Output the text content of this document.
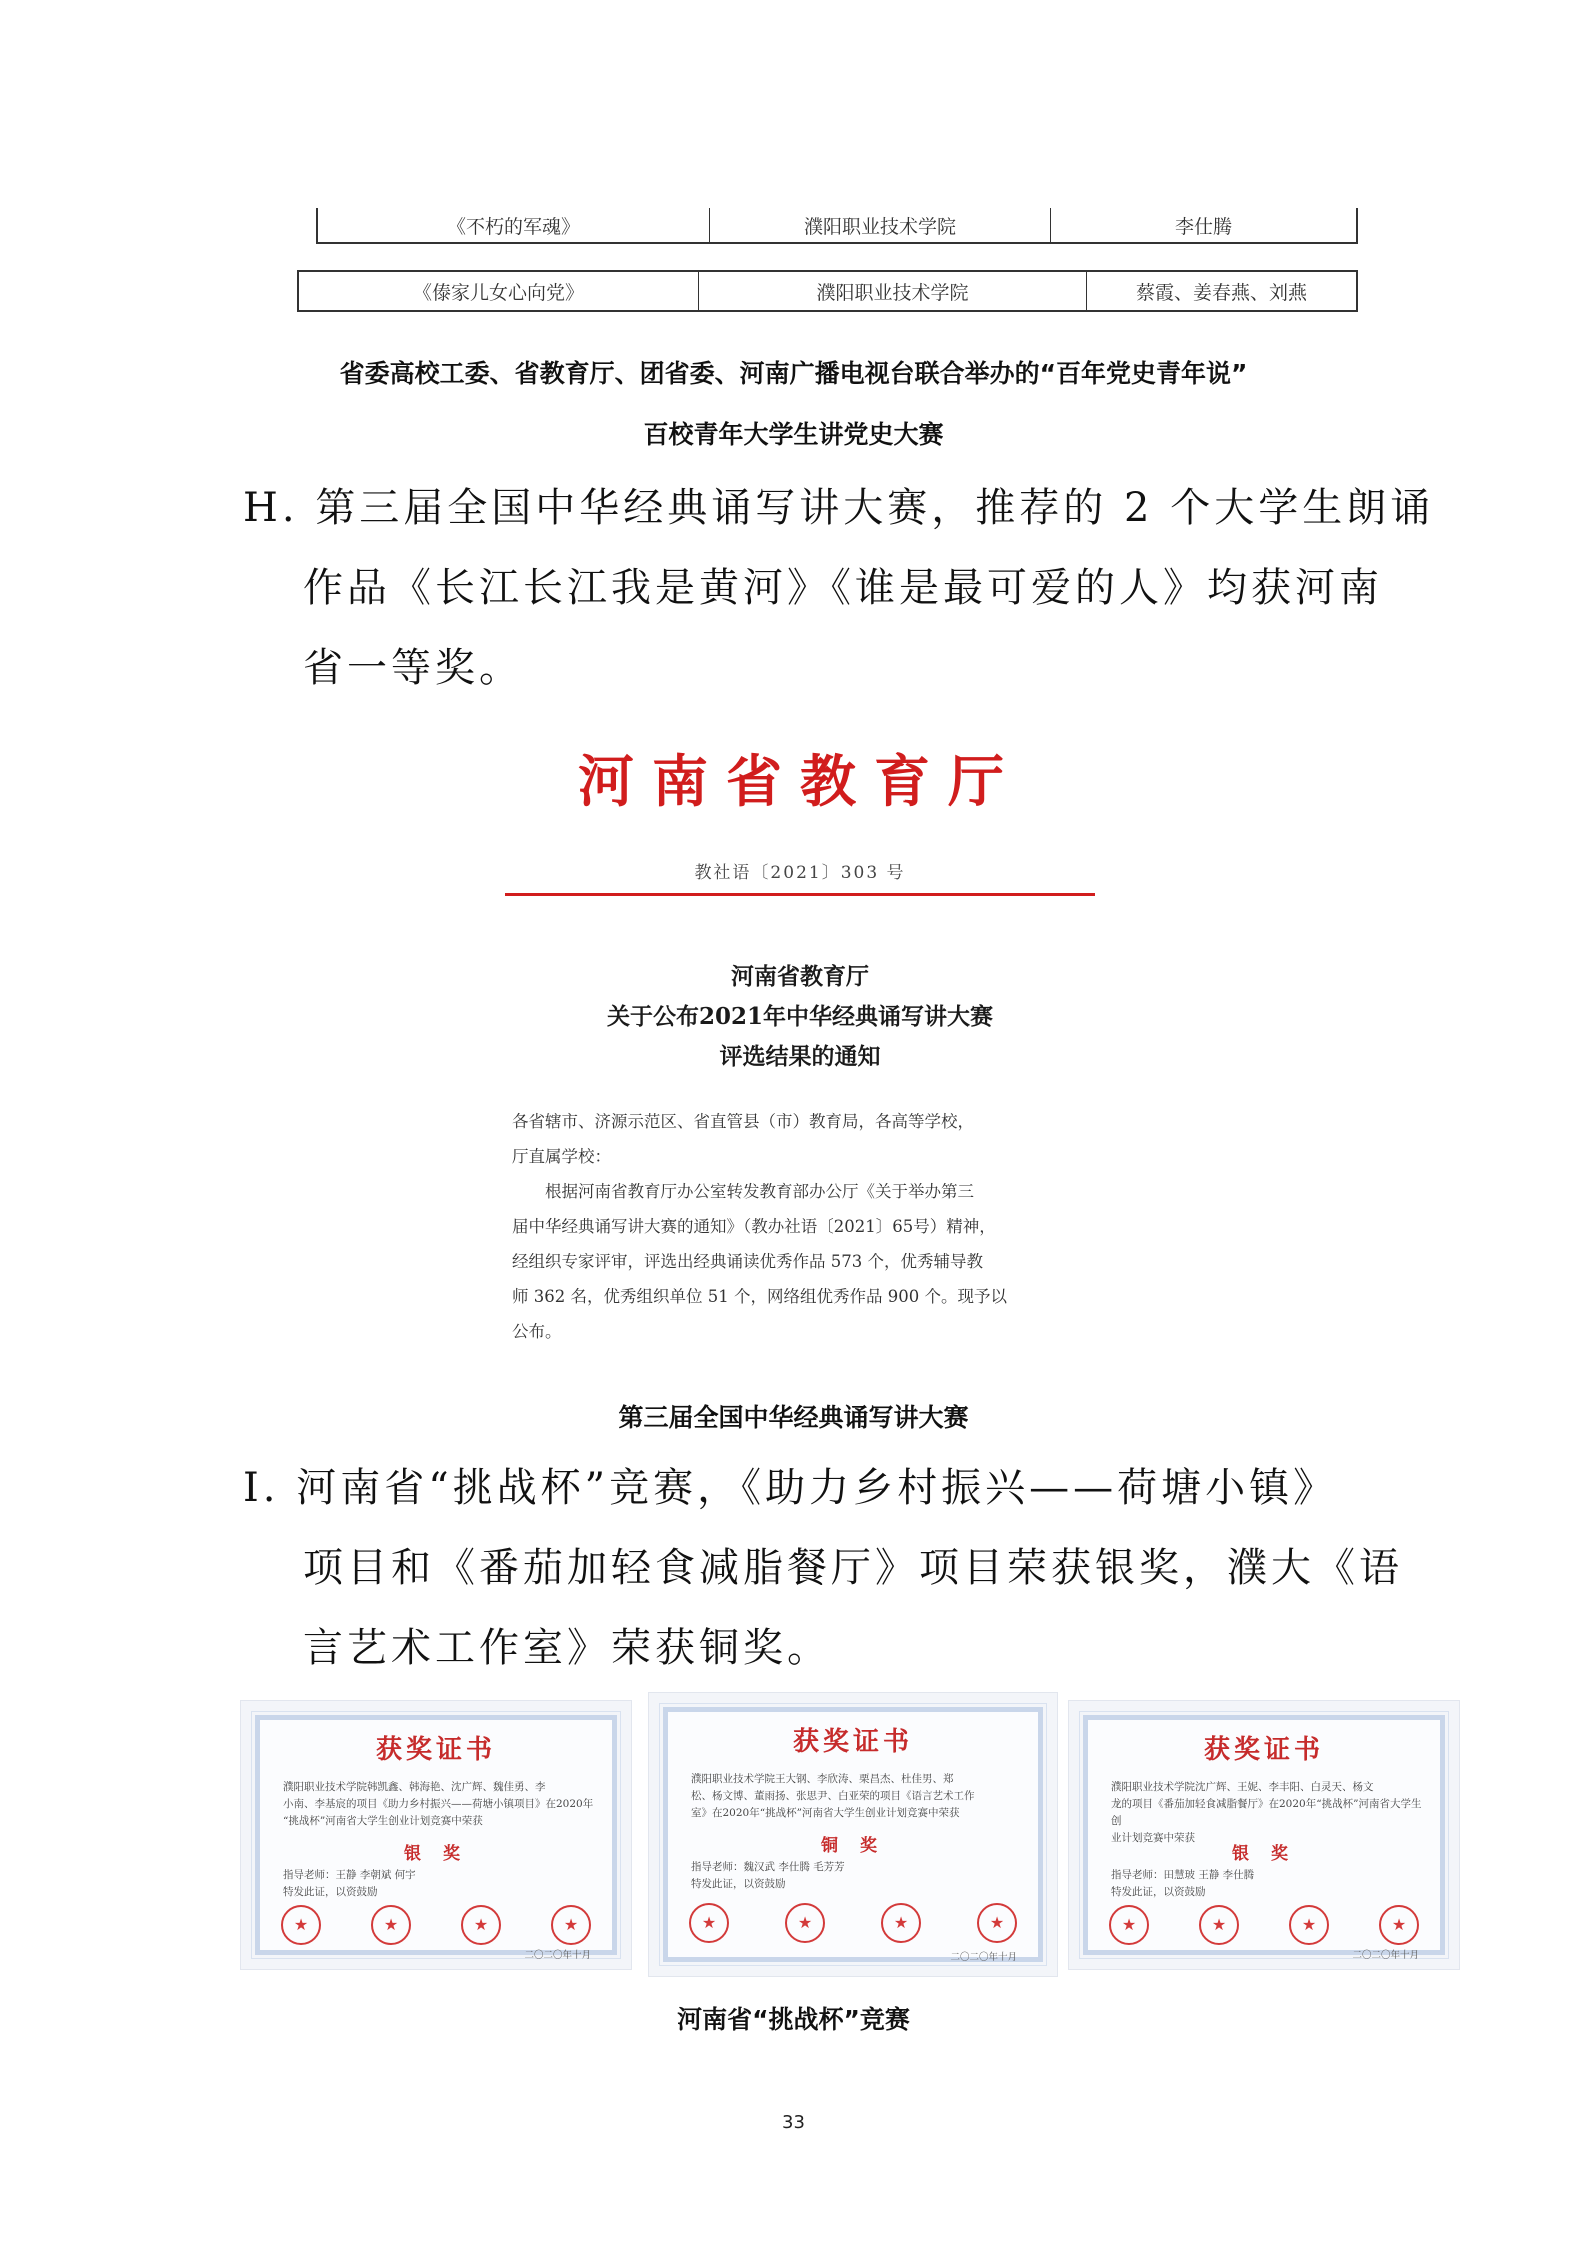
《不朽的军魂》	濮阳职业技术学院	李仕腾
《傣家儿女心向党》	濮阳职业技术学院	蔡霞、姜春燕、刘燕
省委高校工委、省教育厅、团省委、河南广播电视台联合举办的“百年党史青年说”
百校青年大学生讲党史大赛
H. 第三届全国中华经典诵写讲大赛，推荐的 2 个大学生朗诵
作品《长江长江我是黄河》《谁是最可爱的人》均获河南
省一等奖。
河南省教育厅
教社语〔2021〕303 号
河南省教育厅
关于公布2021年中华经典诵写讲大赛
评选结果的通知
各省辖市、济源示范区、省直管县（市）教育局，各高等学校，
厅直属学校：
根据河南省教育厅办公室转发教育部办公厅《关于举办第三
届中华经典诵写讲大赛的通知》（教办社语〔2021〕65号）精神，
经组织专家评审，评选出经典诵读优秀作品 573 个，优秀辅导教
师 362 名，优秀组织单位 51 个，网络组优秀作品 900 个。现予以
公布。
第三届全国中华经典诵写讲大赛
I. 河南省“挑战杯”竞赛，《助力乡村振兴——荷塘小镇》
项目和《番茄加轻食减脂餐厅》项目荣获银奖，濮大《语
言艺术工作室》荣获铜奖。
获奖证书
濮阳职业技术学院韩凯鑫、韩海艳、沈广辉、魏佳勇、李
小南、李基宸的项目《助力乡村振兴——荷塘小镇项目》在2020年
“挑战杯”河南省大学生创业计划竞赛中荣获
银 奖
指导老师：王静 李朝斌 何宇
特发此证，以资鼓励
★
★
★
★
二〇二〇年十月
获奖证书
濮阳职业技术学院王大钢、李欣涛、栗昌杰、杜佳男、郑
松、杨文博、董雨扬、张思尹、白亚荣的项目《语言艺术工作
室》在2020年“挑战杯”河南省大学生创业计划竞赛中荣获
铜 奖
指导老师：魏汉武 李仕腾 毛芳芳
特发此证，以资鼓励
★
★
★
★
二〇二〇年十月
获奖证书
濮阳职业技术学院沈广辉、王妮、李丰阳、白灵天、杨文
龙的项目《番茄加轻食减脂餐厅》在2020年“挑战杯”河南省大学生创
业计划竞赛中荣获
银 奖
指导老师：田慧玻 王静 李仕腾
特发此证，以资鼓励
★
★
★
★
二〇二〇年十月
河南省“挑战杯”竞赛
33
